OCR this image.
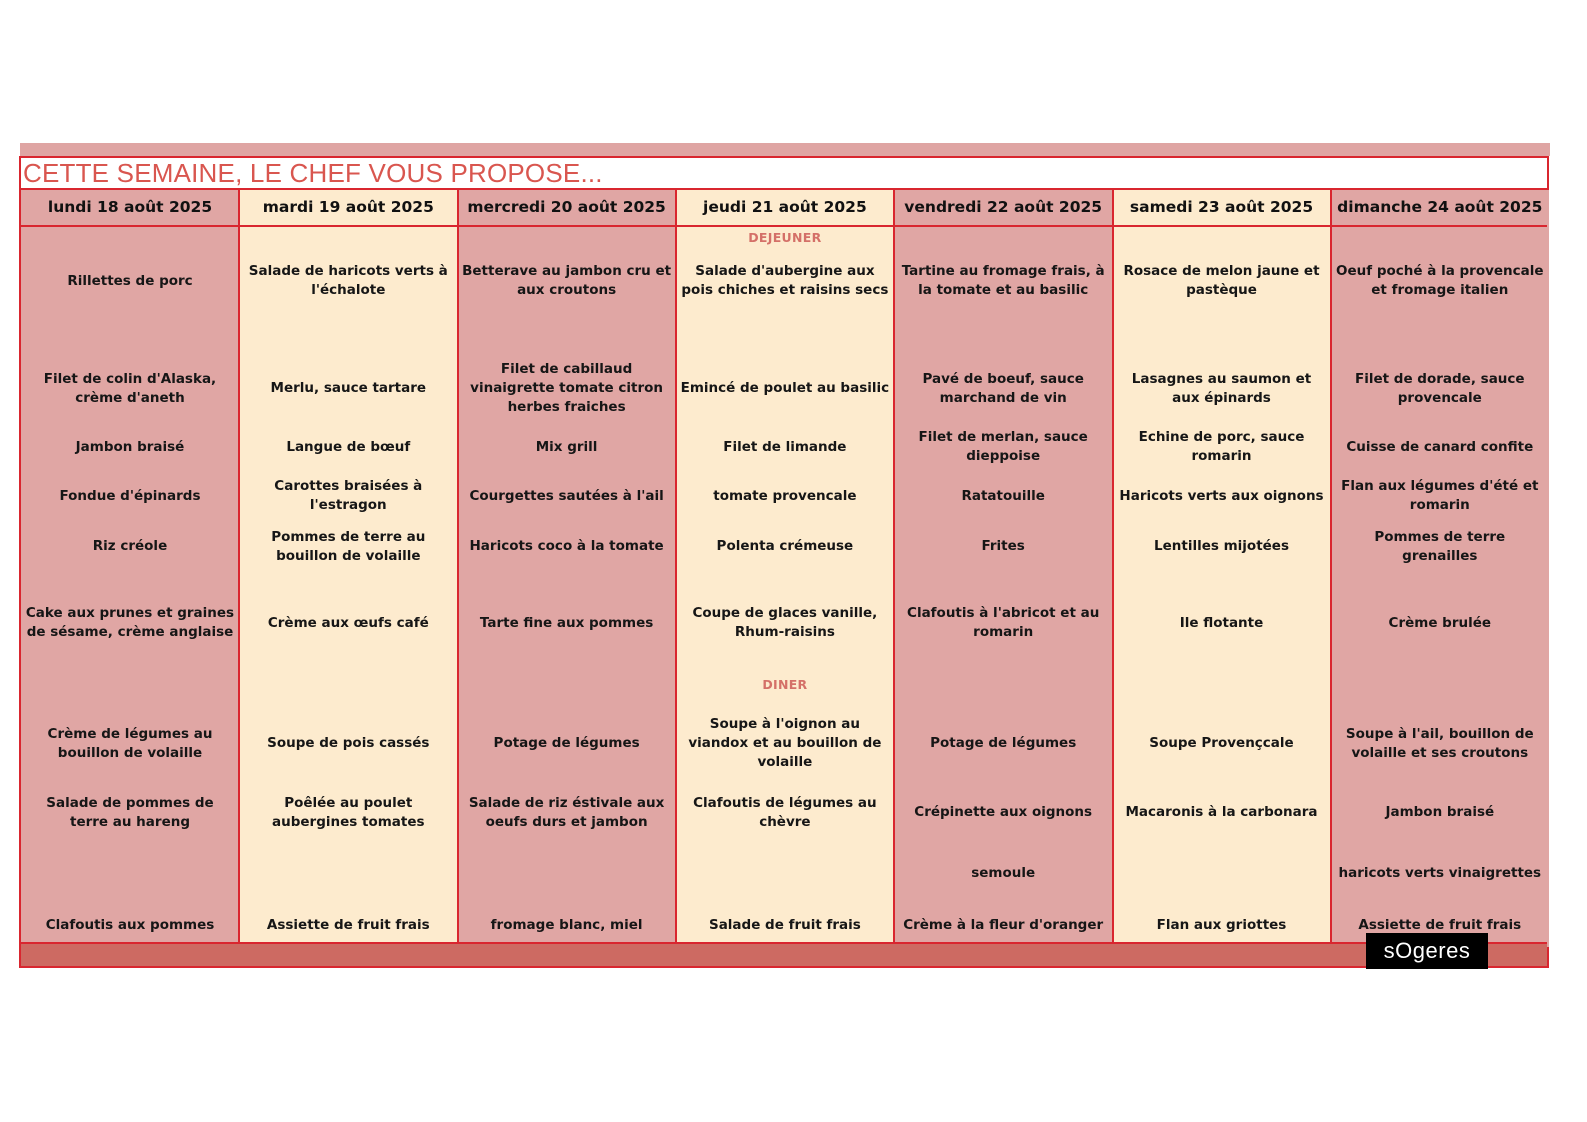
CETTE SEMAINE, LE CHEF VOUS PROPOSE...
lundi 18 août 2025
Rillettes de porc
Filet de colin d'Alaska, crème d'aneth
Jambon braisé
Fondue d'épinards
Riz créole
Cake aux prunes et graines de sésame, crème anglaise
Crème de légumes au bouillon de volaille
Salade de pommes de terre au hareng
Clafoutis aux pommes
mardi 19 août 2025
Salade de haricots verts à l'échalote
Merlu, sauce tartare
Langue de bœuf
Carottes braisées à l'estragon
Pommes de terre au bouillon de volaille
Crème aux œufs café
Soupe de pois cassés
Poêlée au poulet aubergines tomates
Assiette de fruit frais
mercredi 20 août 2025
Betterave au jambon cru et aux croutons
Filet de cabillaud vinaigrette tomate citron herbes fraiches
Mix grill
Courgettes sautées à l'ail
Haricots coco à la tomate
Tarte fine aux pommes
Potage de légumes
Salade de riz éstivale aux oeufs durs et jambon
fromage blanc, miel
jeudi 21 août 2025
DEJEUNER
DINER
Salade d'aubergine aux pois chiches et raisins secs
Emincé de poulet au basilic
Filet de limande
tomate provencale
Polenta crémeuse
Coupe de glaces vanille, Rhum-raisins
Soupe à l'oignon au viandox et au bouillon de volaille
Clafoutis de légumes au chèvre
Salade de fruit frais
vendredi 22 août 2025
Tartine au fromage frais, à la tomate et au basilic
Pavé de boeuf, sauce marchand de vin
Filet de merlan, sauce dieppoise
Ratatouille
Frites
Clafoutis à l'abricot et au romarin
Potage de légumes
Crépinette aux oignons
semoule
Crème à la fleur d'oranger
samedi 23 août 2025
Rosace de melon jaune et pastèque
Lasagnes au saumon et aux épinards
Echine de porc, sauce romarin
Haricots verts aux oignons
Lentilles mijotées
Ile flotante
Soupe Provençcale
Macaronis à la carbonara
Flan aux griottes
dimanche 24 août 2025
Oeuf poché à la provencale et fromage italien
Filet de dorade, sauce provencale
Cuisse de canard confite
Flan aux légumes d'été et romarin
Pommes de terre grenailles
Crème brulée
Soupe à l'ail, bouillon de volaille et ses croutons
Jambon braisé
haricots verts vinaigrettes
Assiette de fruit frais
sOgeres
